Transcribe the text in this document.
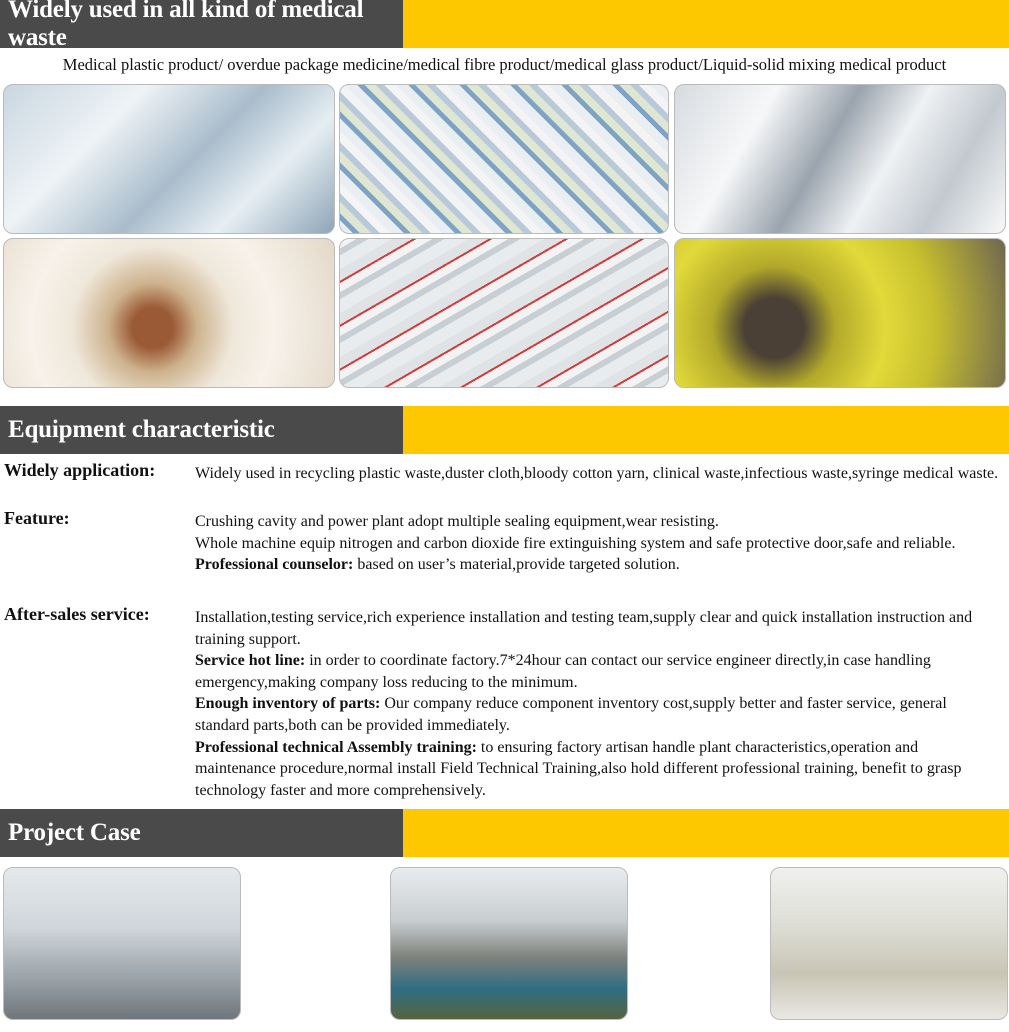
Widely used in all kind of medical waste
Medical plastic product/ overdue package medicine/medical fibre product/medical glass product/Liquid-solid mixing medical product
Equipment characteristic
Widely application: Widely used in recycling plastic waste,duster cloth,bloody cotton yarn, clinical waste,infectious waste,syringe medical waste.

Feature:	Crushing cavity and power plant adopt multiple sealing equipment,wear resisting.

Whole machine equip nitrogen and carbon dioxide fire extinguishing system and safe protective door,safe and reliable.

Professional counselor: based on user’s material,provide targeted solution.

After-sales service:	Installation,testing service,rich experience installation and testing team,supply clear and quick installation instruction and training support.

Service hot line: in order to coordinate factory.7*24hour can contact our service engineer directly,in case handling emergency,making company loss reducing to the minimum.

Enough inventory of parts: Our company reduce component inventory cost,supply better and faster service, general standard parts,both can be provided immediately.

Professional technical Assembly training: to ensuring factory artisan handle plant characteristics,operation and maintenance procedure,normal install Field Technical Training,also hold different professional training, benefit to grasp technology faster and more comprehensively.

Project Case
